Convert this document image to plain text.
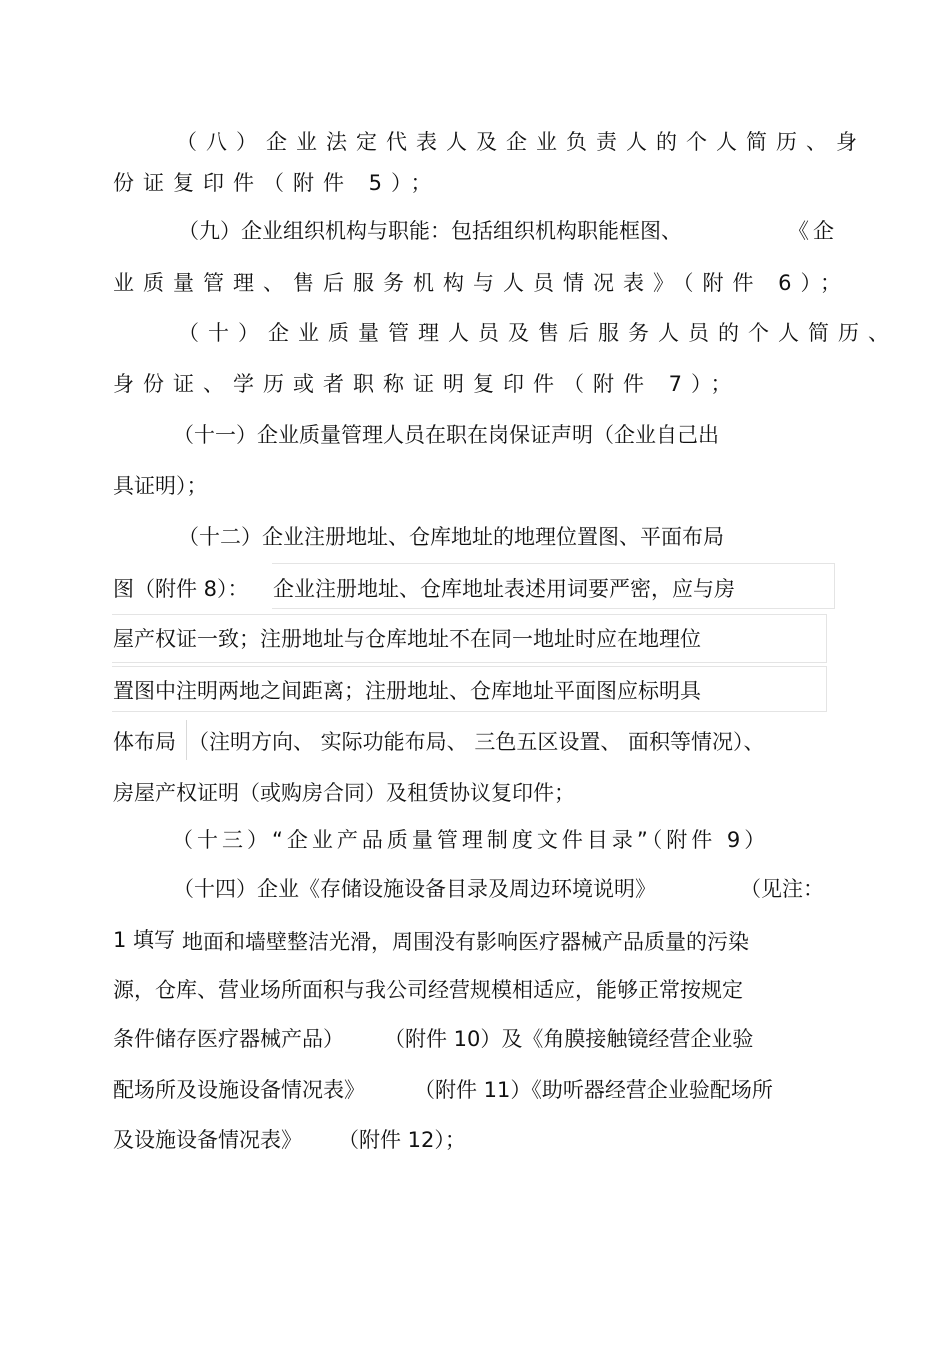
（八）企业法定代表人及企业负责人的个人简历、身
份证复印件（附件 5）；
（九）企业组织机构与职能：包括组织机构职能框图、	《企
业质量管理、售后服务机构与人员情况表》（附件 6）；
（十）企业质量管理人员及售后服务人员的个人简历、
身份证、学历或者职称证明复印件（附件 7）；
（十一）企业质量管理人员在职在岗保证声明（企业自己出
具证明）；
（十二）企业注册地址、仓库地址的地理位置图、平面布局
图（附件 8）： 企业注册地址、仓库地址表述用词要严密，应与房
屋产权证一致；注册地址与仓库地址不在同一地址时应在地理位
置图中注明两地之间距离；注册地址、仓库地址平面图应标明具
体布局 （注明方向、 实际功能布局、 三色五区设置、 面积等情况）、
房屋产权证明（或购房合同）及租赁协议复印件；
（十三）“企业产品质量管理制度文件目录”（附件 9）
（十四）企业《存储设施设备目录及周边环境说明》	（见注：
1 填写 地面和墙壁整洁光滑，周围没有影响医疗器械产品质量的污染
源，仓库、营业场所面积与我公司经营规模相适应，能够正常按规定
条件储存医疗器械产品） （附件 10）及《角膜接触镜经营企业验
配场所及设施设备情况表》 （附件 11）《助听器经营企业验配场所
及设施设备情况表》 （附件 12）；
